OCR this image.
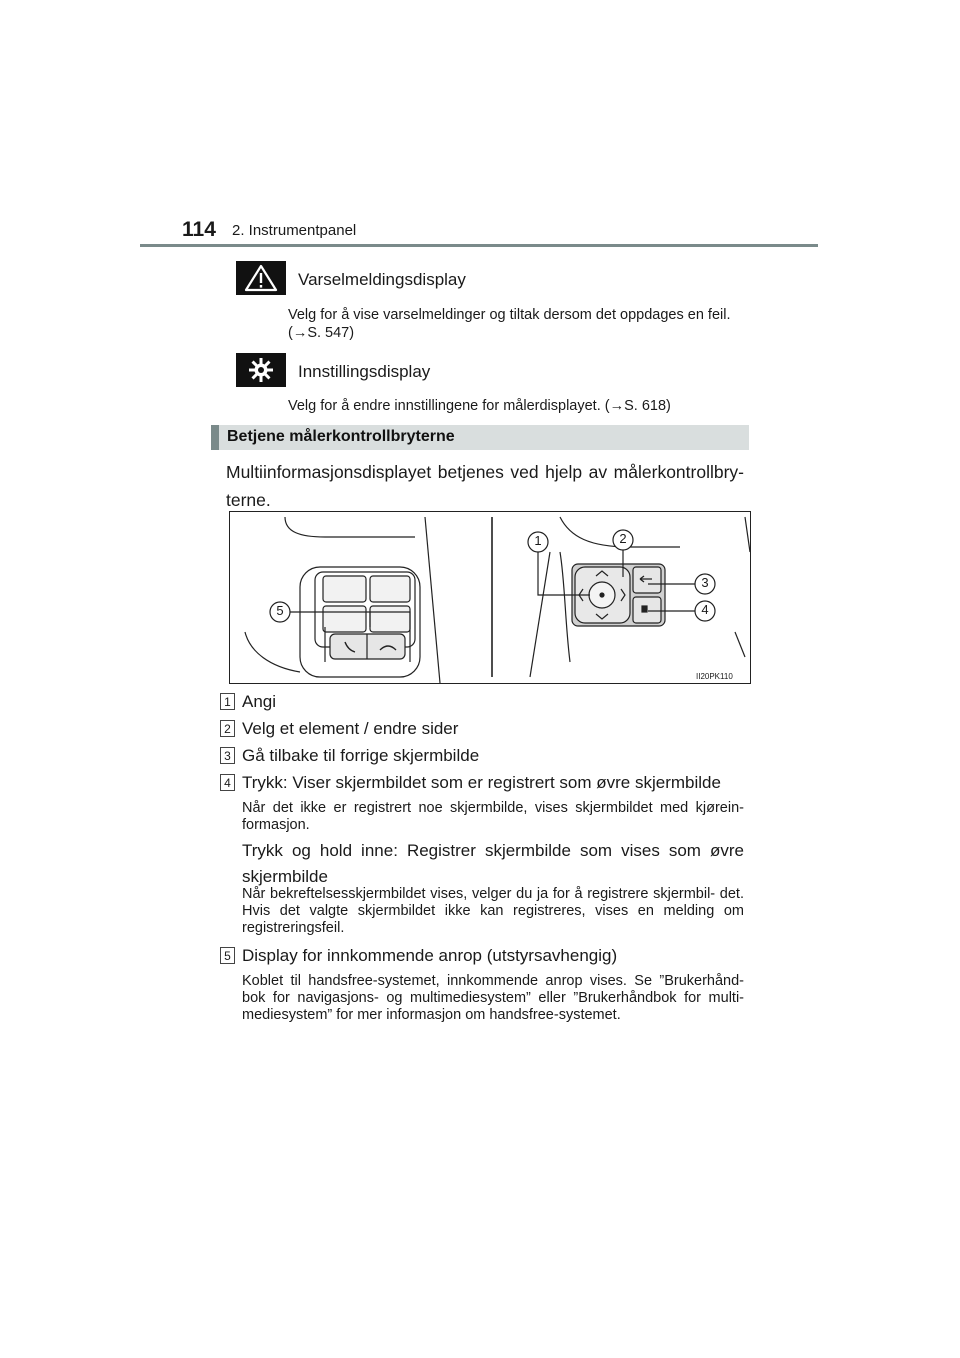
114 2. Instrumentpanel
Varselmeldingsdisplay
Velg for å vise varselmeldinger og tiltak dersom det oppdages en feil.
(→S. 547)
Innstillingsdisplay
Velg for å endre innstillingene for målerdisplayet. (→S. 618)
Betjene målerkontrollbryterne
Multiinformasjonsdisplayet betjenes ved hjelp av målerkontrollbry- terne.
5
1	2
3
4
II20PK110
1 Angi
2 Velg et element / endre sider
3 Gå tilbake til forrige skjermbilde
4 Trykk: Viser skjermbildet som er registrert som øvre skjermbilde
Når det ikke er registrert noe skjermbilde, vises skjermbildet med kjørein- formasjon.
Trykk og hold inne: Registrer skjermbilde som vises som øvre skjermbilde
Når bekreftelsesskjermbildet vises, velger du ja for å registrere skjermbil- det. Hvis det valgte skjermbildet ikke kan registreres, vises en melding om registreringsfeil.
5 Display for innkommende anrop (utstyrsavhengig)
Koblet til handsfree-systemet, innkommende anrop vises. Se ”Brukerhånd- bok for navigasjons- og multimediesystem” eller ”Brukerhåndbok for multi- mediesystem” for mer informasjon om handsfree-systemet.
